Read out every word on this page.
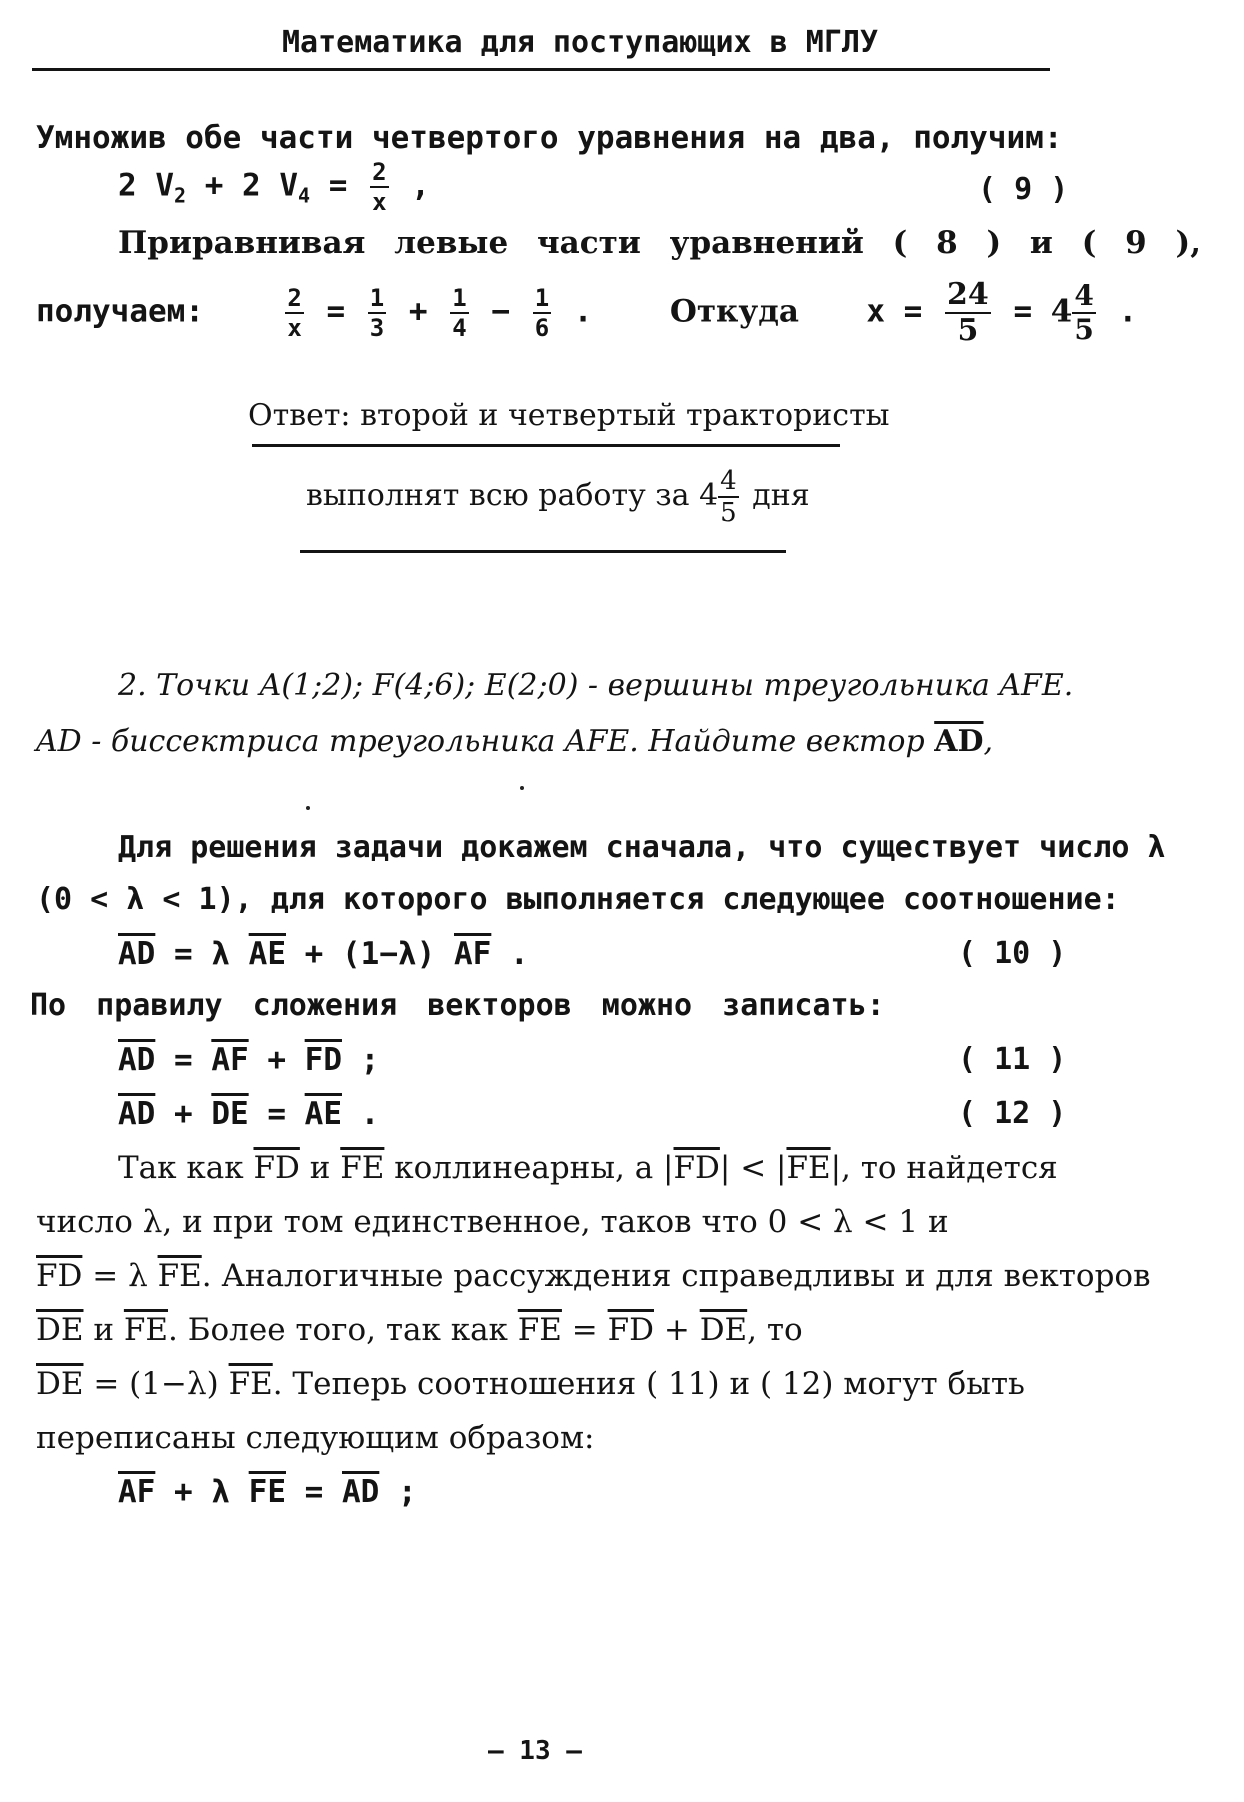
Математика для поступающих в МГЛУ
Умножив обе части четвертого уравнения на два, получим:
2 $V_2 + 2$ $V_4 = \frac{2}{x}$ ,	( 9 )
Приравнивая левые части уравнений ( 8 ) и ( 9 ),
получаем:	$\frac{2}{x} = \frac{1}{3} + \frac{1}{4} - \frac{1}{6}$ .  Откуда $x = \frac{24}{5} = 4 \frac{4}{5}$ .
Ответ: второй и четвертый трактористы
выполнят всю работу за $4 \frac{4}{5}$ дня
2. Точки A(1;2); F(4;6); E(2;0) - вершины треугольника AFE.
AD - биссектриса треугольника AFE. Найдите вектор $\overline{AD}$,
Для решения задачи докажем сначала, что существует число λ
(0 < λ < 1), для которого выполняется следующее соотношение:
$\overline{AD} = \lambda$ $\overline{AE} + (1-\lambda)$ $\overline{AF}$ .	( 10 )
По правилу сложения векторов можно записать:
$\overline{AD} = \overline{AF} + \overline{FD}$ ;	( 11 )
$\overline{AD} + \overline{DE} = \overline{AE}$ .	( 12 )
Так как $\overline{FD}$ и $\overline{FE}$ коллинеарны, а $|\overline{FD}| < |\overline{FE}|$, то найдется
число λ, и при том единственное, таков что 0 < λ < 1 и
$\overline{FD} = \lambda$ $\overline{FE}$. Аналогичные рассуждения справедливы и для векторов
$\overline{DE}$ и $\overline{FE}$. Более того, так как $\overline{FE} = \overline{FD} + \overline{DE}$, то
$\overline{DE} = (1-\lambda)$ $\overline{FE}$. Теперь соотношения ( 11) и ( 12) могут быть
переписаны следующим образом:
$\overline{AF} + \lambda$ $\overline{FE} = \overline{AD}$ ;
— 13 —
